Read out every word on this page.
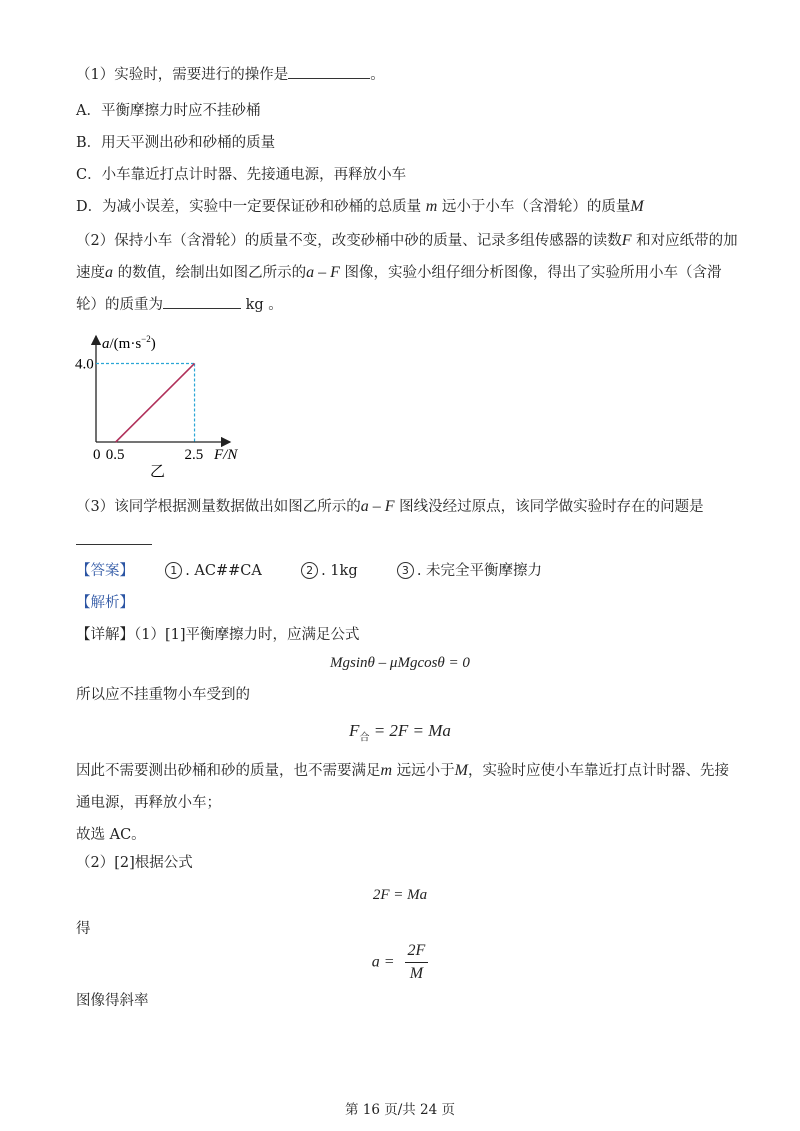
（1）实验时，需要进行的操作是	。
A．平衡摩擦力时应不挂砂桶
B．用天平测出砂和砂桶的质量
C．小车靠近打点计时器、先接通电源，再释放小车
D．为减小误差，实验中一定要保证砂和砂桶的总质量 m 远小于小车（含滑轮）的质量M
（2）保持小车（含滑轮）的质量不变，改变砂桶中砂的质量、记录多组传感器的读数F 和对应纸带的加
速度a 的数值，绘制出如图乙所示的a – F 图像，实验小组仔细分析图像，得出了实验所用小车（含滑
轮）的质重为	kg 。
$a/(m\cdot s^{-2})$
4.0
0 0.5	2.5 F/N
乙
（3）该同学根据测量数据做出如图乙所示的a – F 图线没经过原点，该同学做实验时存在的问题是
【答案】	1 . AC##CA	2 . 1kg	3 . 未完全平衡摩擦力
【解析】
【详解】（1）[1]平衡摩擦力时，应满足公式
Mgsinθ – μMgcosθ = 0
所以应不挂重物小车受到的
$F_合 = 2F = Ma$
因此不需要测出砂桶和砂的质量，也不需要满足m 远远小于M，实验时应使小车靠近打点计时器、先接
通电源，再释放小车；
故选 AC。
（2）[2]根据公式
2F = Ma
得
$a = \frac{2F}{M}$
图像得斜率
第 16 页/共 24 页
